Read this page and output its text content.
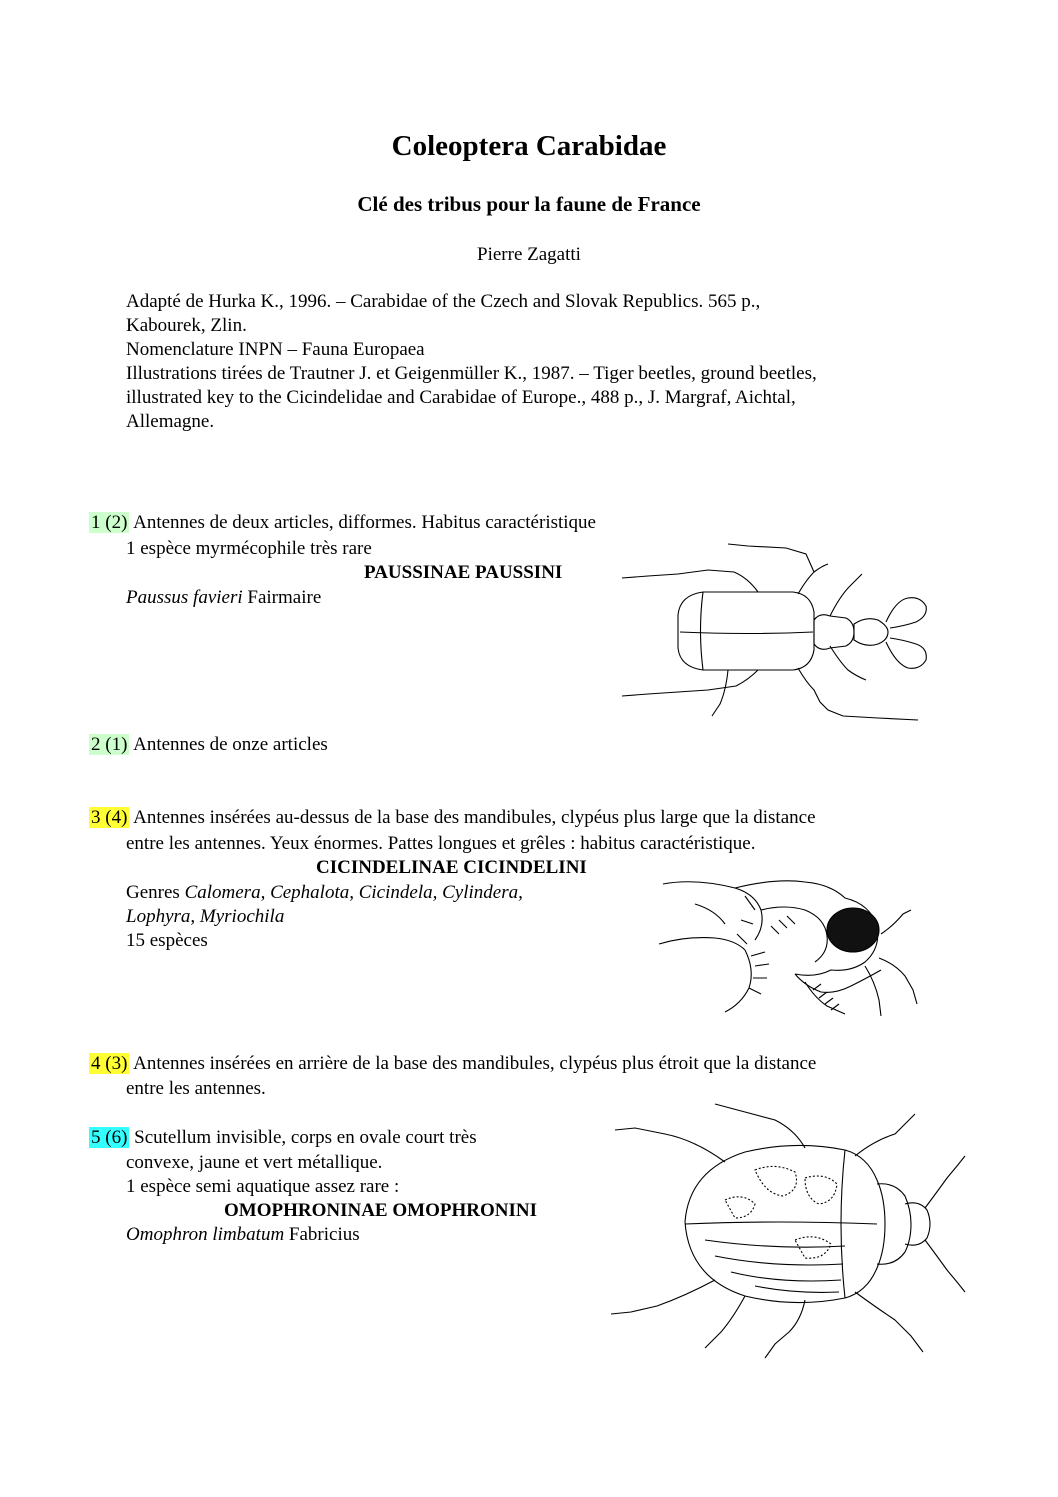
Coleoptera Carabidae
Clé des tribus pour la faune de France
Pierre Zagatti
Adapté de Hurka K., 1996. – Carabidae of the Czech and Slovak Republics. 565 p.,
Kabourek, Zlin.
Nomenclature INPN – Fauna Europaea
Illustrations tirées de Trautner J. et Geigenmüller K., 1987. – Tiger beetles, ground beetles,
illustrated key to the Cicindelidae and Carabidae of Europe., 488 p., J. Margraf, Aichtal,
Allemagne.
1 (2) Antennes de deux articles, difformes. Habitus caractéristique
1 espèce myrmécophile très rare
PAUSSINAE PAUSSINI
Paussus favieri Fairmaire
2 (1) Antennes de onze articles
3 (4) Antennes insérées au-dessus de la base des mandibules, clypéus plus large que la distance
entre les antennes. Yeux énormes. Pattes longues et grêles : habitus caractéristique.
CICINDELINAE CICINDELINI
Genres Calomera, Cephalota, Cicindela, Cylindera,
Lophyra, Myriochila
15 espèces
4 (3) Antennes insérées en arrière de la base des mandibules, clypéus plus étroit que la distance
entre les antennes.
5 (6) Scutellum invisible, corps en ovale court très
convexe, jaune et vert métallique.
1 espèce semi aquatique assez rare :
OMOPHRONINAE OMOPHRONINI
Omophron limbatum Fabricius
